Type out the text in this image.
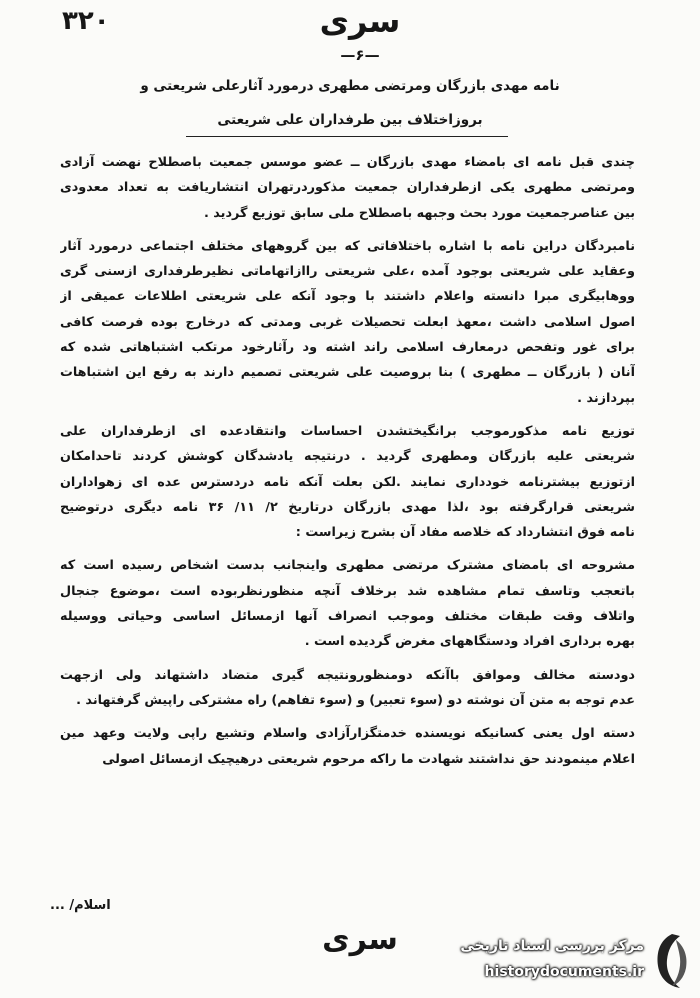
۳۲۰	سری
—۶—
نامه مهدی بازرگان ومرتضی مطهری درمورد آثارعلی شریعتی و
بروزاختلاف بین طرفداران علی شریعتی
چندی قبل نامه ای بامضاء مهدی بازرگان ــ عضو موسس جمعیت باصطلاح نهضت آزادی
ومرتضی مطهری یکی ازطرفداران جمعیت مذکوردرتهران انتشاریافت به تعداد معدودی
بین عناصرجمعیت مورد بحث وجبهه باصطلاح ملی سابق توزیع گردید .
نامبردگان دراین نامه با اشاره باختلافاتی که بین گروههای مختلف اجتماعی درمورد آثار
وعقاید علی شریعتی بوجود آمده ،علی شریعتی راازاتهاماتی نظیرطرفداری ازسنی گری
ووهابیگری مبرا دانسته واعلام داشتند با وجود آنکه علی شریعتی اطلاعات عمیقی از
اصول اسلامی داشت ،معهذ ابعلت تحصیلات غربی ومدتی که درخارج بوده فرصت کافی
برای غور وتفحص درمعارف اسلامی راند اشته ود رآثارخود مرتکب اشتباهاتی شده که
آنان ( بازرگان ــ مطهری ) بنا بروصیت علی شریعتی تصمیم دارند به رفع این اشتباهات
بپردازند .
توزیع نامه مذکورموجب برانگیختشدن احساسات وانتقادعده ای ازطرفداران علی
شریعتی علیه بازرگان ومطهری گردید . درنتیجه یادشدگان کوشش کردند تاحدامکان
ازتوزیع بیشترنامه خودداری نمایند .لکن بعلت آنکه نامه دردسترس عده ای زهواداران
شریعتی قرارگرفته بود ،لذا مهدی بازرگان درتاریخ ۲/ ۱۱/ ۳۶ نامه دیگری درتوضیح
نامه فوق انتشارداد که خلاصه مفاد آن بشرح زیراست :
مشروحه ای بامضای مشترک مرتضی مطهری واینجانب بدست اشخاص رسیده است که
باتعجب وتاسف تمام مشاهده شد برخلاف آنچه منظورنظربوده است ،موضوع جنجال
واتلاف وقت طبقات مختلف وموجب انصراف آنها ازمسائل اساسی وحیاتی ووسیله
بهره برداری افراد ودستگاههای مغرض گردیده است .
دودسته مخالف وموافق باآنکه دومنظورونتیجه گیری متضاد داشتهاند ولی ازجهت
عدم توجه به متن آن نوشته دو (سوء تعبیر) و (سوء تفاهم) راه مشترکی راپیش گرفتهاند .
دسته اول یعنی کسانیکه نویسنده خدمتگزارآزادی واسلام وتشیع راپی ولایت وعهد مین
اعلام مینمودند حق نداشتند شهادت ما راکه مرحوم شریعتی درهیچیک ازمسائل اصولی
اسلام/ ...
سری	مرکز بررسی اسناد تاریخی
historydocuments.ir
